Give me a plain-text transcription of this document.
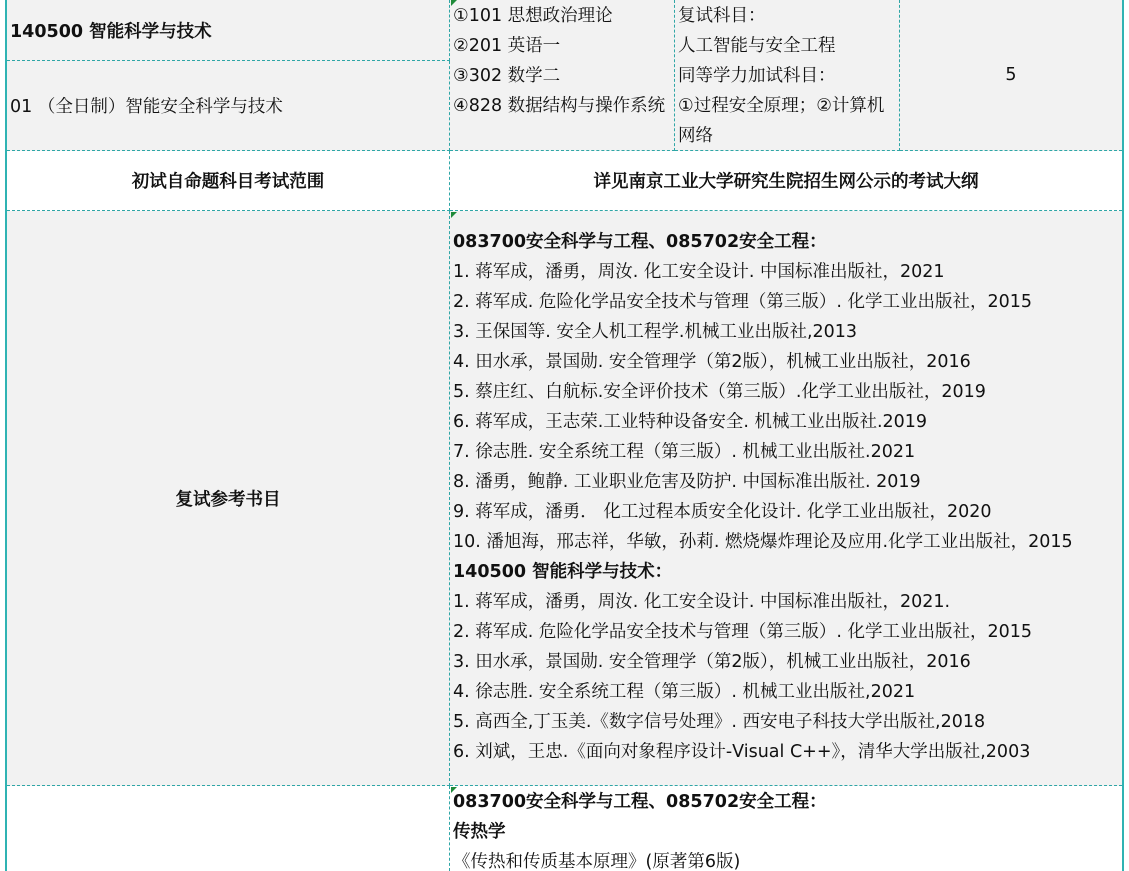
140500 智能科学与技术
01 （全日制）智能安全科学与技术
①101 思想政治理论
②201 英语一
③302 数学二
④828 数据结构与操作系统
复试科目：
人工智能与安全工程
同等学力加试科目：
①过程安全原理；②计算机
网络
5
初试自命题科目考试范围	详见南京工业大学研究生院招生网公示的考试大纲
复试参考书目
083700安全科学与工程、085702安全工程：
1. 蒋军成，潘勇，周汝. 化工安全设计. 中国标准出版社，2021
2. 蒋军成. 危险化学品安全技术与管理（第三版）. 化学工业出版社，2015
3. 王保国等. 安全人机工程学.机械工业出版社,2013
4. 田水承，景国勋. 安全管理学（第2版），机械工业出版社，2016
5. 蔡庄红、白航标.安全评价技术（第三版）.化学工业出版社，2019
6. 蒋军成，王志荣.工业特种设备安全. 机械工业出版社.2019
7. 徐志胜. 安全系统工程（第三版）. 机械工业出版社.2021
8. 潘勇，鲍静. 工业职业危害及防护. 中国标准出版社. 2019
9. 蒋军成，潘勇． 化工过程本质安全化设计. 化学工业出版社，2020
10. 潘旭海，邢志祥，华敏，孙莉. 燃烧爆炸理论及应用.化学工业出版社，2015
140500 智能科学与技术：
1. 蒋军成，潘勇，周汝. 化工安全设计. 中国标准出版社，2021.
2. 蒋军成. 危险化学品安全技术与管理（第三版）. 化学工业出版社，2015
3. 田水承，景国勋. 安全管理学（第2版），机械工业出版社，2016
4. 徐志胜. 安全系统工程（第三版）. 机械工业出版社,2021
5. 高西全,丁玉美.《数字信号处理》. 西安电子科技大学出版社,2018
6. 刘斌，王忠.《面向对象程序设计-Visual C++》，清华大学出版社,2003
083700安全科学与工程、085702安全工程：
传热学
《传热和传质基本原理》(原著第6版)
